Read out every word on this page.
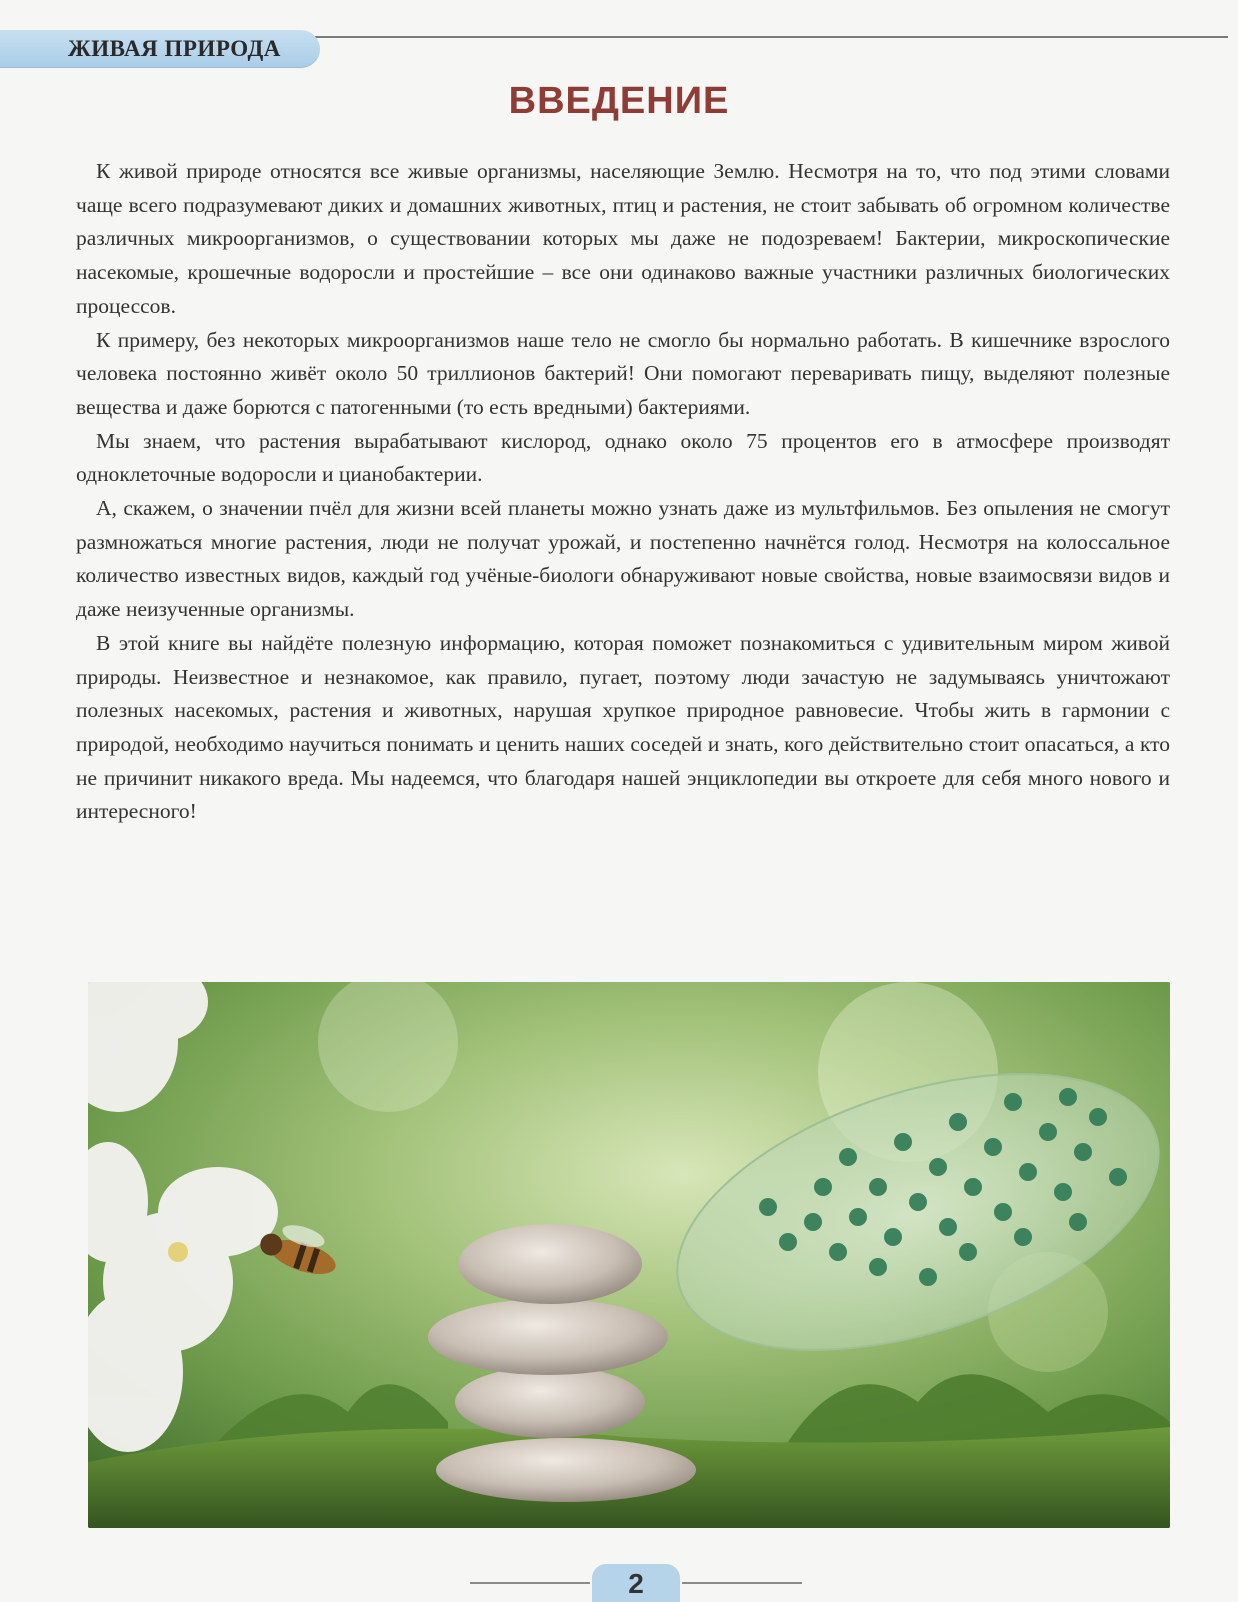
ЖИВАЯ ПРИРОДА
ВВЕДЕНИЕ

К живой природе относятся все живые организмы, населяющие Землю. Несмотря на то, что под этими словами чаще всего подразумевают диких и домашних животных, птиц и растения, не стоит забывать об огромном количестве различных микроорганизмов, о существовании которых мы даже не подозреваем! Бактерии, микроскопические насекомые, крошечные водоросли и простейшие – все они одинаково важные участники различных биологических процессов.

К примеру, без некоторых микроорганизмов наше тело не смогло бы нормально работать. В кишечнике взрослого человека постоянно живёт около 50 триллионов бактерий! Они помогают переваривать пищу, выделяют полезные вещества и даже борются с патогенными (то есть вредными) бактериями.

Мы знаем, что растения вырабатывают кислород, однако около 75 процентов его в атмосфере производят одноклеточные водоросли и цианобактерии.

А, скажем, о значении пчёл для жизни всей планеты можно узнать даже из мультфильмов. Без опыления не смогут размножаться многие растения, люди не получат урожай, и постепенно начнётся голод. Несмотря на колоссальное количество известных видов, каждый год учёные-биологи обнаруживают новые свойства, новые взаимосвязи видов и даже неизученные организмы.

В этой книге вы найдёте полезную информацию, которая поможет познакомиться с удивительным миром живой природы. Неизвестное и незнакомое, как правило, пугает, поэтому люди зачастую не задумываясь уничтожают полезных насекомых, растения и животных, нарушая хрупкое природное равновесие. Чтобы жить в гармонии с природой, необходимо научиться понимать и ценить наших соседей и знать, кого действительно стоит опасаться, а кто не причинит никакого вреда. Мы надеемся, что благодаря нашей энциклопедии вы откроете для себя много нового и интересного!

2
